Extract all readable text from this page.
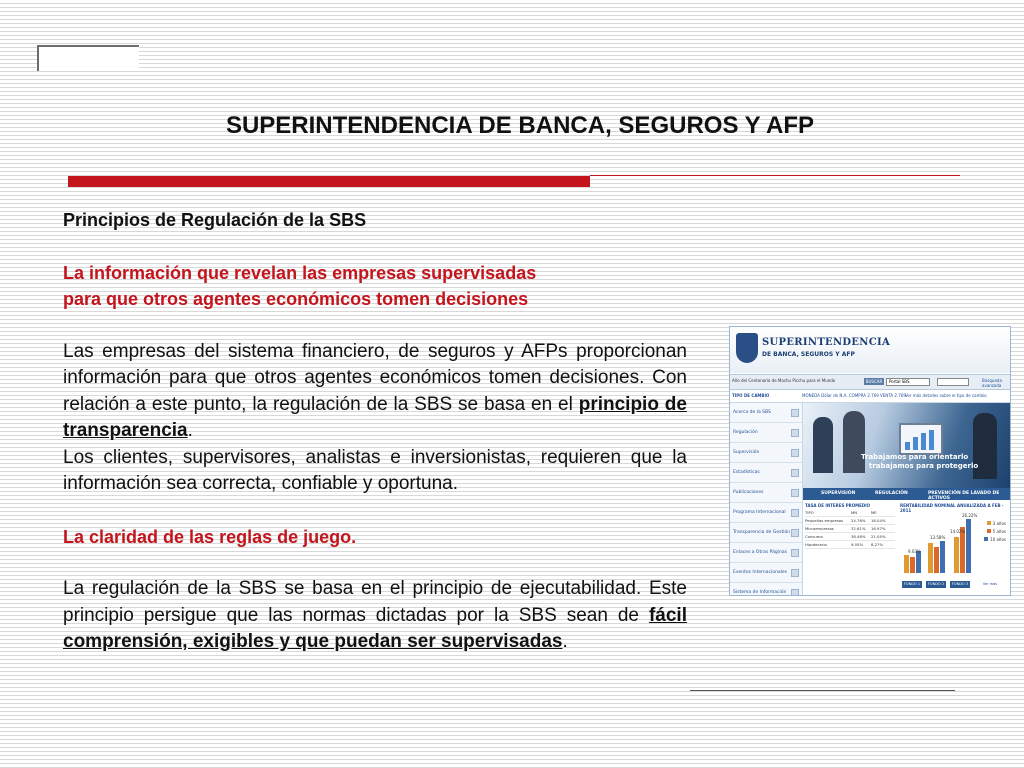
SUPERINTENDENCIA DE BANCA, SEGUROS Y AFP

Principios de Regulación de la SBS

La información que revelan las empresas supervisadas

para que otros agentes económicos tomen decisiones

Las empresas del sistema financiero, de seguros y AFPs proporcionan información para que otros agentes económicos tomen decisiones. Con relación a este punto, la regulación de la SBS se basa en el principio de transparencia.

Los clientes, supervisores, analistas e inversionistas, requieren que la información sea correcta, confiable y oportuna.

La claridad de las reglas de juego.

La regulación de la SBS se basa en el principio de ejecutabilidad. Este principio persigue que las normas dictadas por la SBS sean de fácil comprensión, exigibles y que puedan ser supervisadas.

SUPERINTENDENCIA
DE BANCA, SEGUROS Y AFP
Año del Centenario de Machu Picchu para el Mundo	BUSCAR	Portal SBS	Búsqueda avanzada
TIPO DE CAMBIO	MONEDA Dólar de N.A. COMPRA 2.769 VENTA 2.769 Ver más detalles sobre el tipo de cambio
Acerca de la SBS
Regulación
Supervisión
Estadísticas
Publicaciones
Programa Internacional
Transparencia de Gestión
Enlaces a Otras Páginas
Eventos Internacionales
Sistema de Información
Trabajamos para orientarlo
trabajamos para protegerlo
SUPERVISIÓN	REGULACIÓN	PREVENCIÓN DE LAVADO DE ACTIVOS
TASA DE INTERES PROMEDIO
TIPO	MN	ME
Pequeñas empresas 24.76% 16.04%
Microempresas	32.61% 16.97%
Consumo	38.46% 21.05%
Hipotecario	9.05% 8.27%
RENTABILIDAD NOMINAL ANUALIZADA A FEB - 2011
9.03%
13.58%
14.02%
26.22%
3 años
5 años
10 años
FONDO 1	FONDO 2	FONDO 3	Ver más
